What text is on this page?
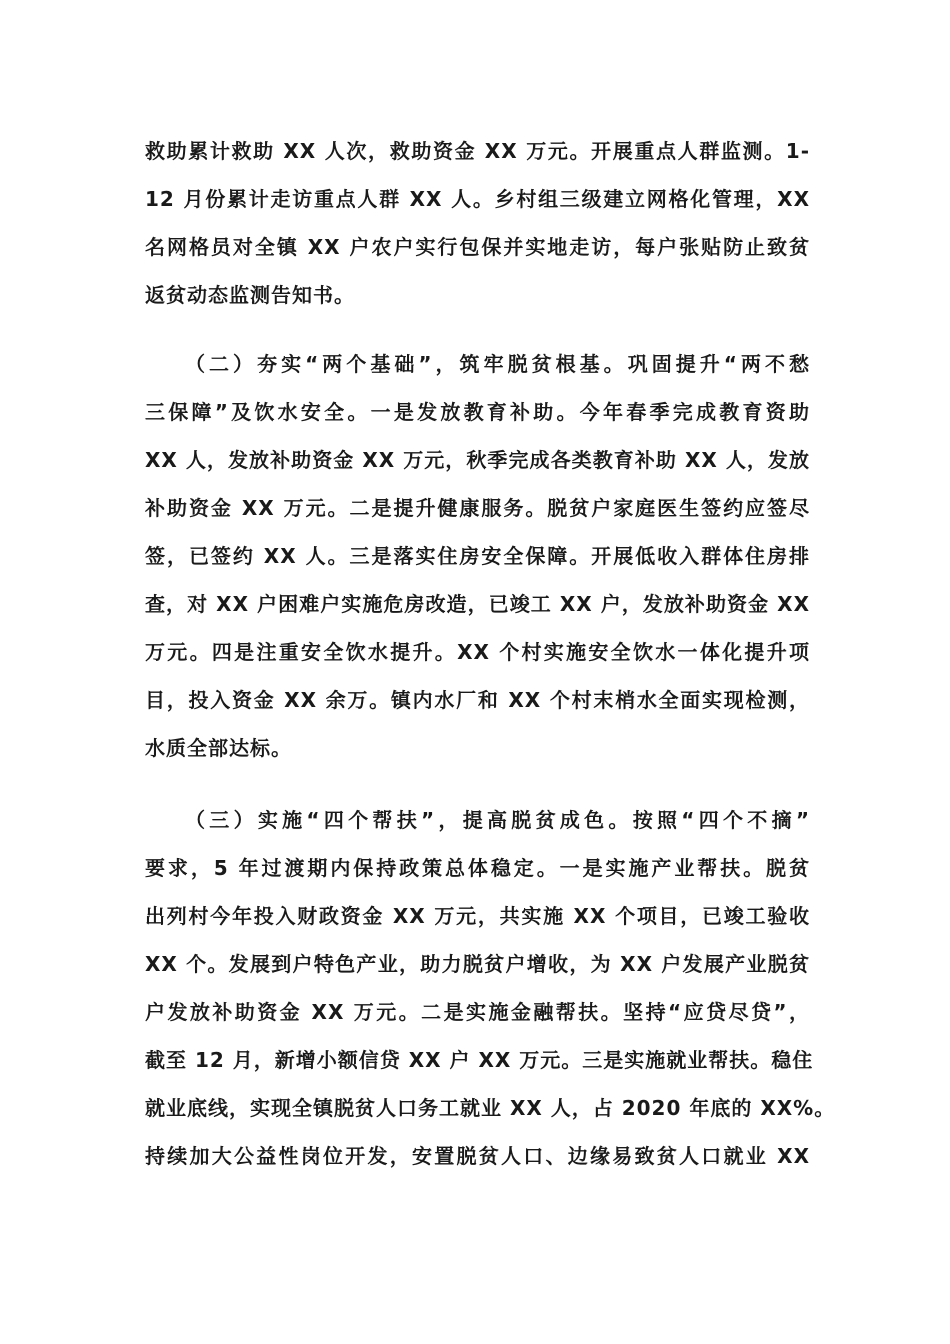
救助累计救助 XX 人次，救助资金 XX 万元。开展重点人群监测。1-
12 月份累计走访重点人群 XX 人。乡村组三级建立网格化管理，XX
名网格员对全镇 XX 户农户实行包保并实地走访，每户张贴防止致贫
返贫动态监测告知书。
（二）夯实“两个基础”，筑牢脱贫根基。巩固提升“两不愁
三保障”及饮水安全。一是发放教育补助。今年春季完成教育资助
XX 人，发放补助资金 XX 万元，秋季完成各类教育补助 XX 人，发放
补助资金 XX 万元。二是提升健康服务。脱贫户家庭医生签约应签尽
签，已签约 XX 人。三是落实住房安全保障。开展低收入群体住房排
查，对 XX 户困难户实施危房改造，已竣工 XX 户，发放补助资金 XX
万元。四是注重安全饮水提升。XX 个村实施安全饮水一体化提升项
目，投入资金 XX 余万。镇内水厂和 XX 个村末梢水全面实现检测，
水质全部达标。
（三）实施“四个帮扶”，提高脱贫成色。按照“四个不摘”
要求，5 年过渡期内保持政策总体稳定。一是实施产业帮扶。脱贫
出列村今年投入财政资金 XX 万元，共实施 XX 个项目，已竣工验收
XX 个。发展到户特色产业，助力脱贫户增收，为 XX 户发展产业脱贫
户发放补助资金 XX 万元。二是实施金融帮扶。坚持“应贷尽贷”，
截至 12 月，新增小额信贷 XX 户 XX 万元。三是实施就业帮扶。稳住
就业底线，实现全镇脱贫人口务工就业 XX 人，占 2020 年底的 XX%。
持续加大公益性岗位开发，安置脱贫人口、边缘易致贫人口就业 XX
